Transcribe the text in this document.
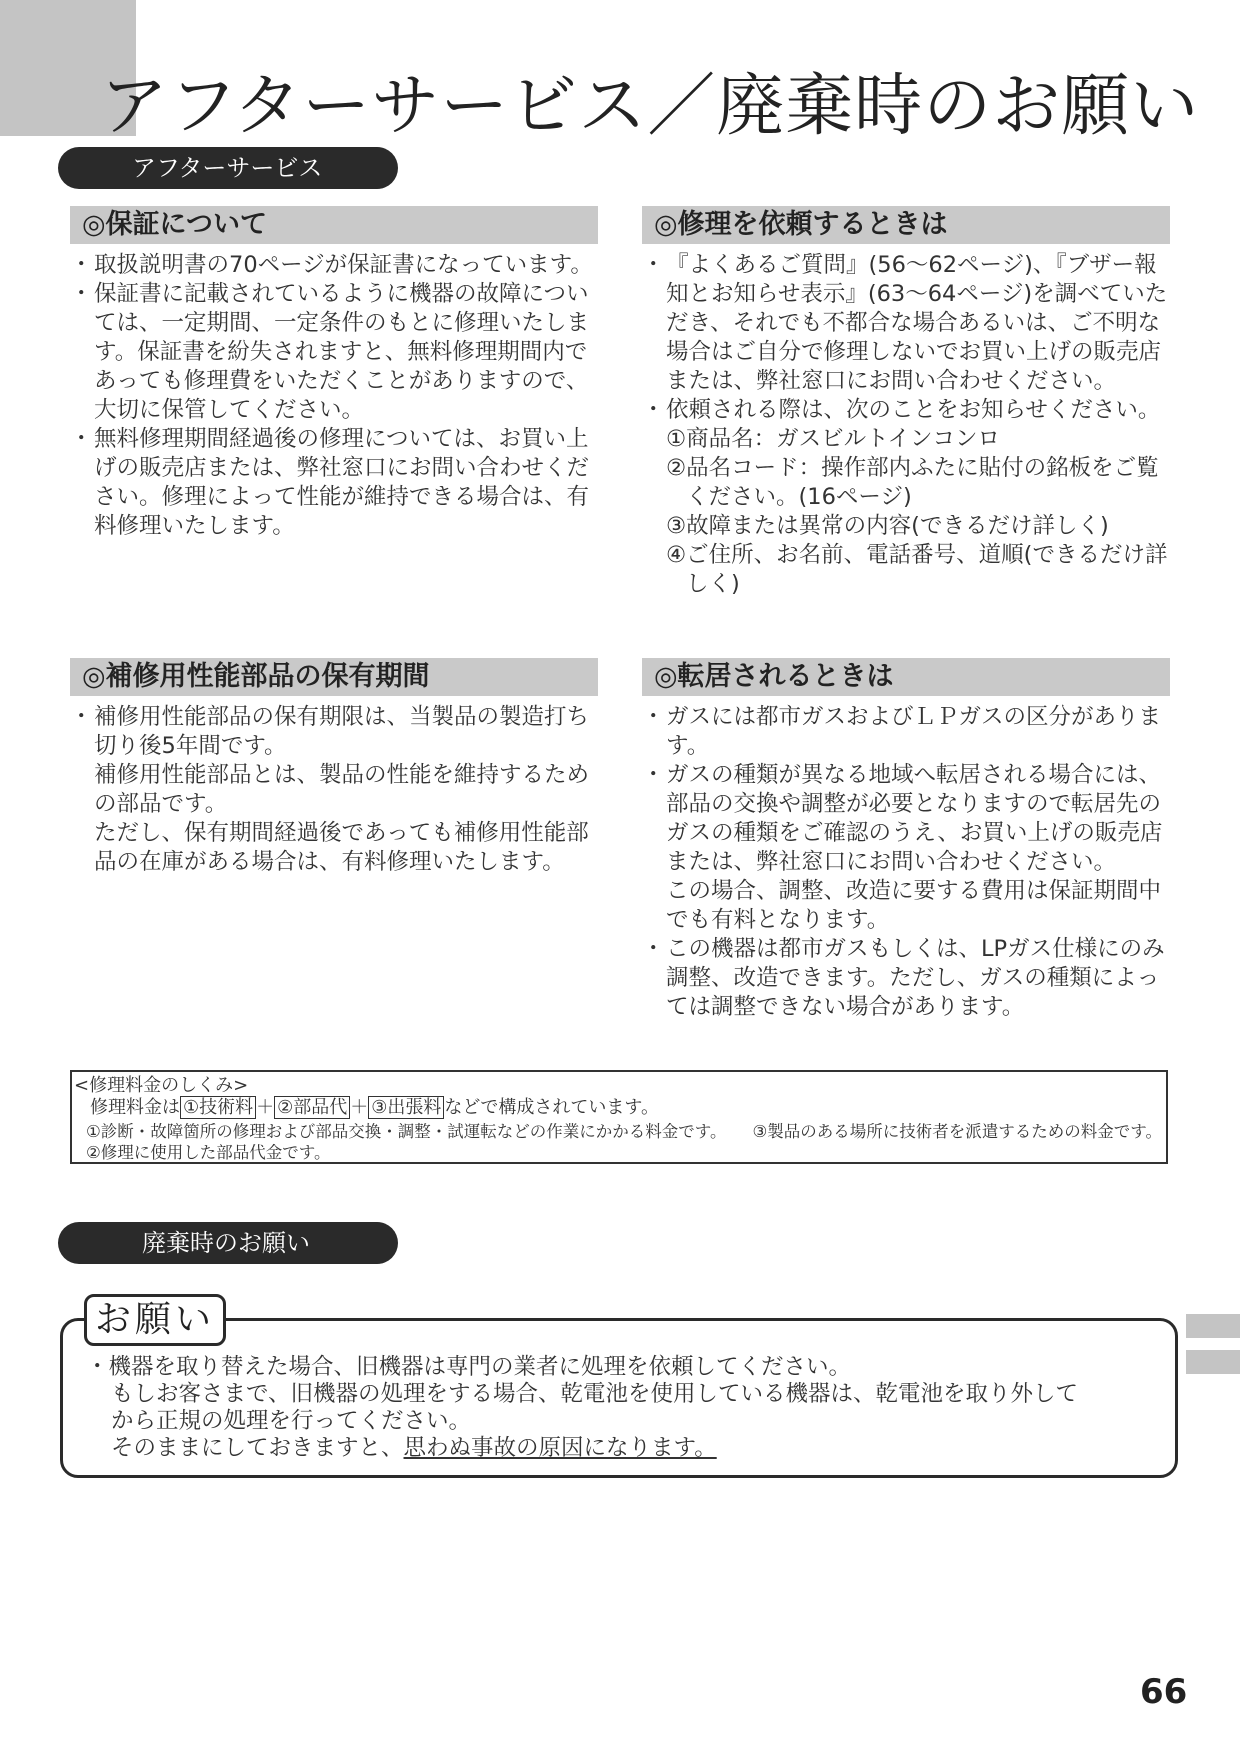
アフターサービス／廃棄時のお願い
アフターサービス
◎保証について
・ 取扱説明書の70ページが保証書になっています。
・ 保証書に記載されているように機器の故障については、一定期間、一定条件のもとに修理いたします。保証書を紛失されますと、無料修理期間内であっても修理費をいただくことがありますので、大切に保管してください。
・ 無料修理期間経過後の修理については、お買い上げの販売店または、弊社窓口にお問い合わせください。修理によって性能が維持できる場合は、有料修理いたします。
◎修理を依頼するときは
・ 『よくあるご質問』(56〜62ページ)、『ブザー報知とお知らせ表示』(63〜64ページ)を調べていただき、それでも不都合な場合あるいは、ご不明な場合はご自分で修理しないでお買い上げの販売店または、弊社窓口にお問い合わせください。
・ 依頼される際は、次のことをお知らせください。
①商品名：ガスビルトインコンロ
②品名コード：操作部内ふたに貼付の銘板をご覧ください。(16ページ)
③故障または異常の内容(できるだけ詳しく)
④ご住所、お名前、電話番号、道順(できるだけ詳しく)
◎補修用性能部品の保有期間
・ 補修用性能部品の保有期限は、当製品の製造打ち切り後5年間です。
補修用性能部品とは、製品の性能を維持するための部品です。
ただし、保有期間経過後であっても補修用性能部品の在庫がある場合は、有料修理いたします。
◎転居されるときは
・ ガスには都市ガスおよびＬＰガスの区分があります。
・ ガスの種類が異なる地域へ転居される場合には、部品の交換や調整が必要となりますので転居先のガスの種類をご確認のうえ、お買い上げの販売店または、弊社窓口にお問い合わせください。
この場合、調整、改造に要する費用は保証期間中でも有料となります。
・ この機器は都市ガスもしくは、LPガス仕様にのみ調整、改造できます。ただし、ガスの種類によっては調整できない場合があります。
<修理料金のしくみ>
修理料金は ①技術料 ＋ ②部品代 ＋ ③出張料 などで構成されています。
①診断・故障箇所の修理および部品交換・調整・試運転などの作業にかかる料金です。 ③製品のある場所に技術者を派遣するための料金です。
②修理に使用した部品代金です。
廃棄時のお願い
お願い
・機器を取り替えた場合、旧機器は専門の業者に処理を依頼してください。
もしお客さまで、旧機器の処理をする場合、乾電池を使用している機器は、乾電池を取り外して
から正規の処理を行ってください。
そのままにしておきますと、思わぬ事故の原因になります。
66
